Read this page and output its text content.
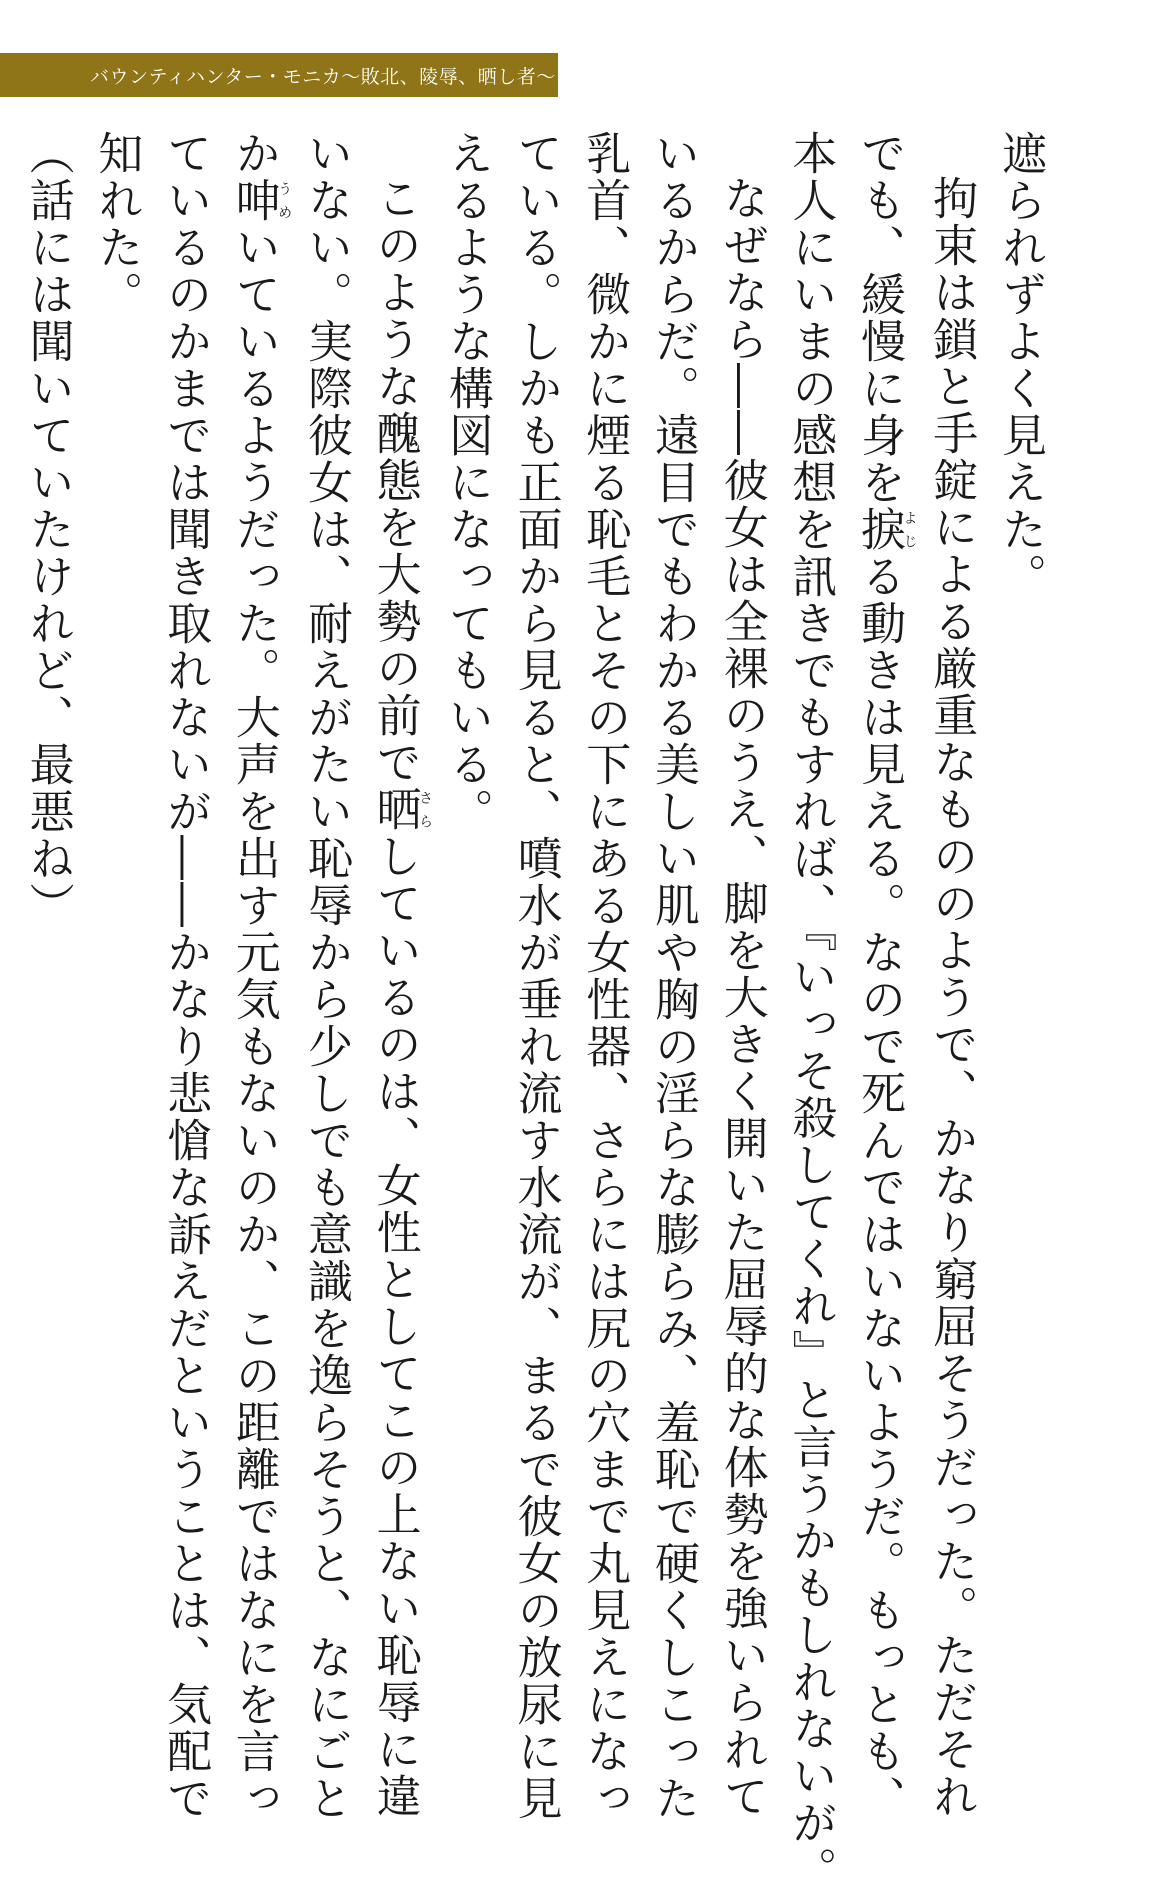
バウンティハンター・モニカ〜敗北、陵辱、晒し者〜
遮られずよく見えた。
拘束は鎖と手錠による厳重なもののようで、かなり窮屈そうだった。ただそれ
でも、緩慢に身を捩よじる動きは見える。なので死んではいないようだ。もっとも、
本人にいまの感想を訊きでもすれば、『いっそ殺してくれ』と言うかもしれないが。
なぜなら――彼女は全裸のうえ、脚を大きく開いた屈辱的な体勢を強いられて
いるからだ。遠目でもわかる美しい肌や胸の淫らな膨らみ、羞恥で硬くしこった
乳首、微かに煙る恥毛とその下にある女性器、さらには尻の穴まで丸見えになっ
ている。しかも正面から見ると、噴水が垂れ流す水流が、まるで彼女の放尿に見
えるような構図になってもいる。
このような醜態を大勢の前で晒さらしているのは、女性としてこの上ない恥辱に違
いない。実際彼女は、耐えがたい恥辱から少しでも意識を逸らそうと、なにごと
か呻うめいているようだった。大声を出す元気もないのか、この距離ではなにを言っ
ているのかまでは聞き取れないが――かなり悲愴な訴えだということは、気配で
知れた。
（話には聞いていたけれど、最悪ね）
